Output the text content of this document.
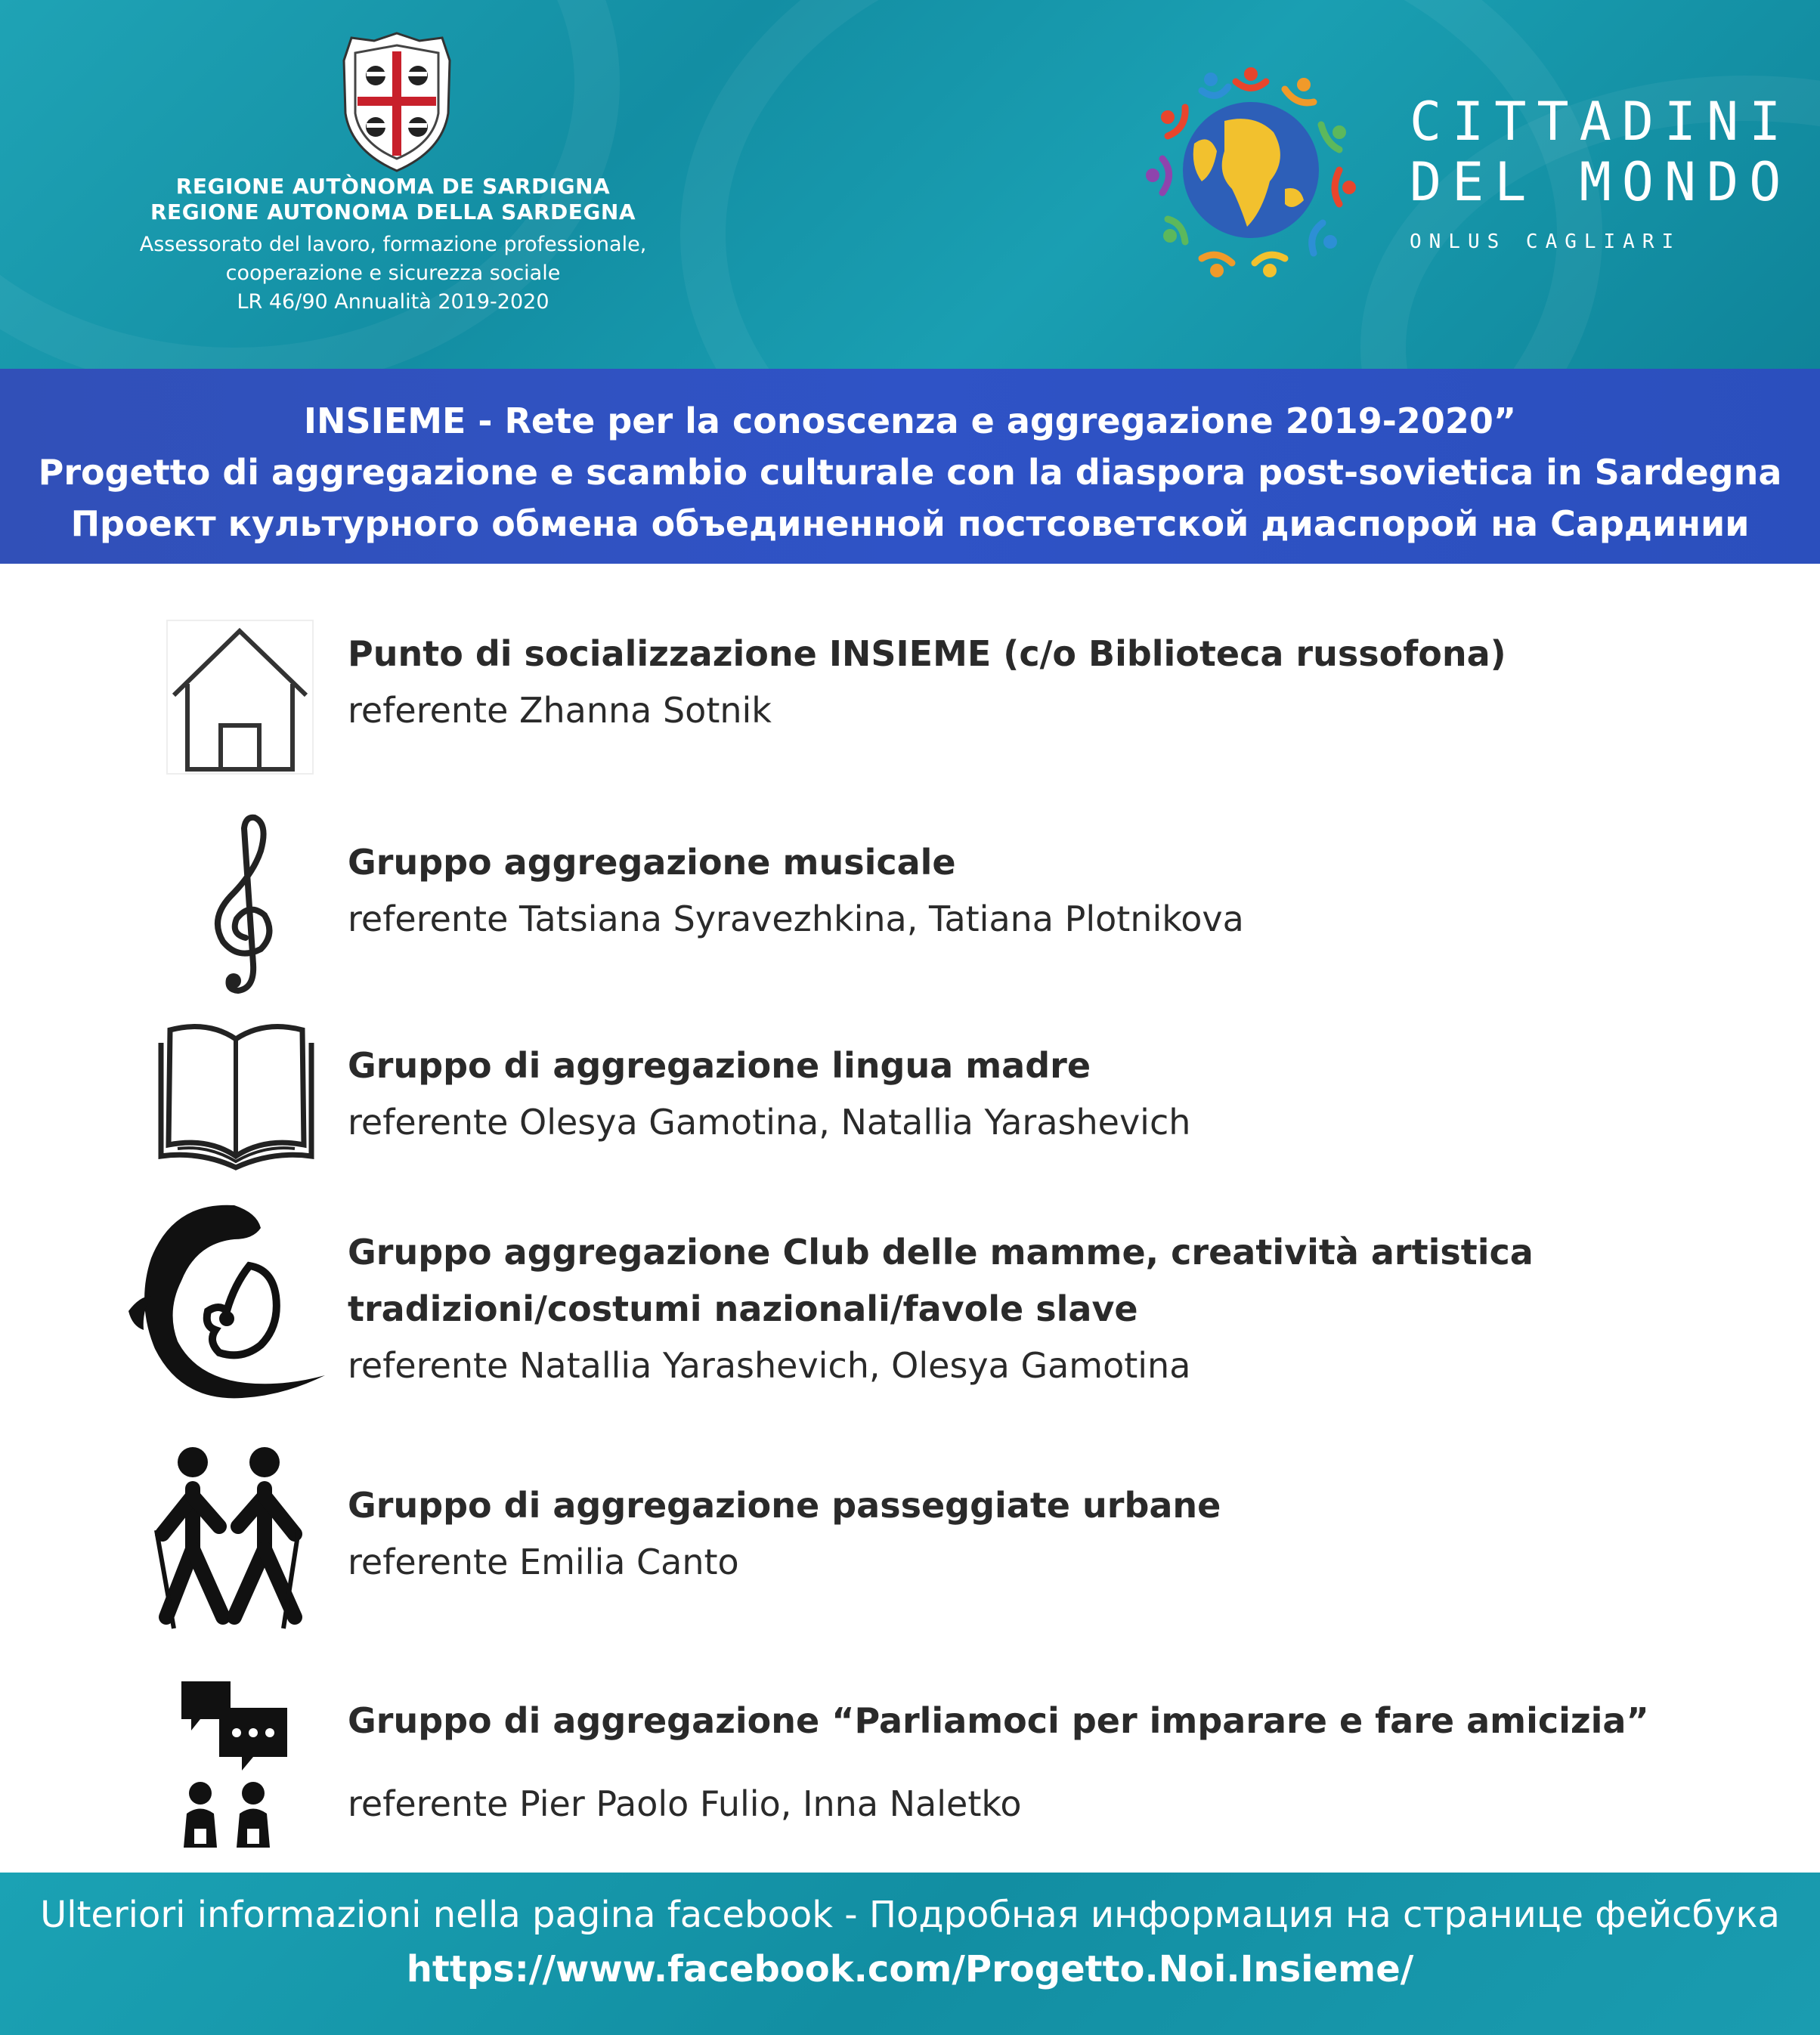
REGIONE AUTÒNOMA DE SARDIGNA
REGIONE AUTONOMA DELLA SARDEGNA
Assessorato del lavoro, formazione professionale,
cooperazione e sicurezza sociale
LR 46/90 Annualità 2019-2020
CITTADINI
DEL MONDO
ONLUS CAGLIARI
INSIEME - Rete per la conoscenza e aggregazione 2019-2020”
Progetto di aggregazione e scambio culturale con la diaspora post-sovietica in Sardegna
Проект культурного обмена объединенной постсоветской диаспорой на Сардинии
Punto di socializzazione INSIEME (c/o Biblioteca russofona)
referente Zhanna Sotnik
Gruppo aggregazione musicale
referente Tatsiana Syravezhkina, Tatiana Plotnikova
Gruppo di aggregazione lingua madre
referente Olesya Gamotina, Natallia Yarashevich
Gruppo aggregazione Club delle mamme, creatività artistica
tradizioni/costumi nazionali/favole slave
referente Natallia Yarashevich, Olesya Gamotina
Gruppo di aggregazione passeggiate urbane
referente Emilia Canto
Gruppo di aggregazione “Parliamoci per imparare e fare amicizia”
referente Pier Paolo Fulio, Inna Naletko
Ulteriori informazioni nella pagina facebook - Подробная информация на странице фейсбука
https://www.facebook.com/Progetto.Noi.Insieme/
